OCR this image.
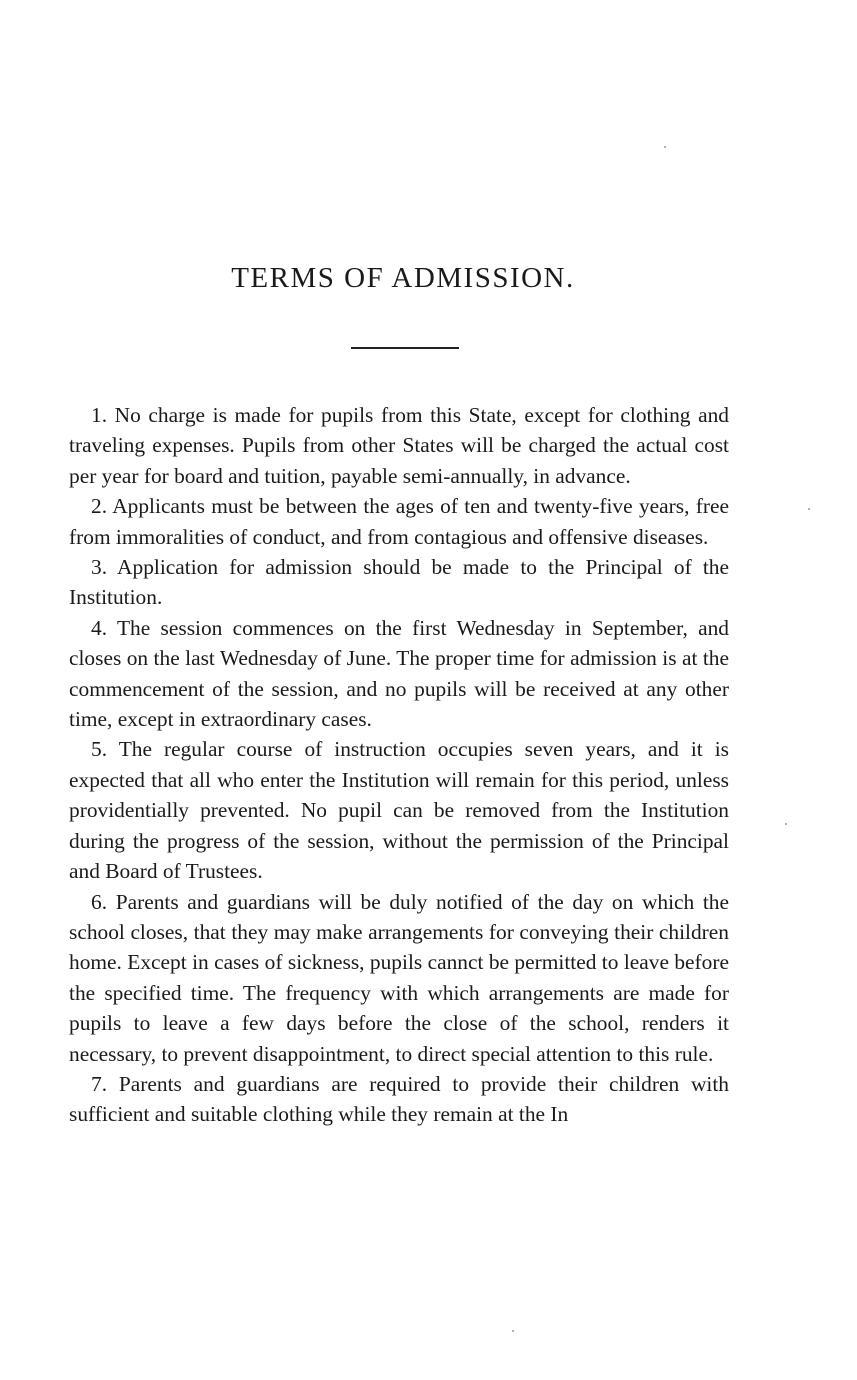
TERMS OF ADMISSION.

1. No charge is made for pupils from this State, except for clothing and traveling expenses. Pupils from other States will be charged the actual cost per year for board and tuition, payable semi-annually, in advance.

2. Applicants must be between the ages of ten and twenty-five years, free from immoralities of conduct, and from contagious and offensive diseases.

3. Application for admission should be made to the Principal of the Institution.

4. The session commences on the first Wednesday in September, and closes on the last Wednesday of June. The proper time for admission is at the commencement of the session, and no pupils will be received at any other time, except in extraordinary cases.

5. The regular course of instruction occupies seven years, and it is expected that all who enter the Institution will remain for this period, unless providentially prevented. No pupil can be removed from the Institution during the progress of the session, without the permission of the Principal and Board of Trustees.

6. Parents and guardians will be duly notified of the day on which the school closes, that they may make arrangements for conveying their children home. Except in cases of sickness, pupils cannct be permitted to leave before the specified time. The frequency with which arrangements are made for pupils to leave a few days before the close of the school, renders it necessary, to prevent disappointment, to direct special attention to this rule.

7. Parents and guardians are required to provide their children with sufficient and suitable clothing while they remain at the In
